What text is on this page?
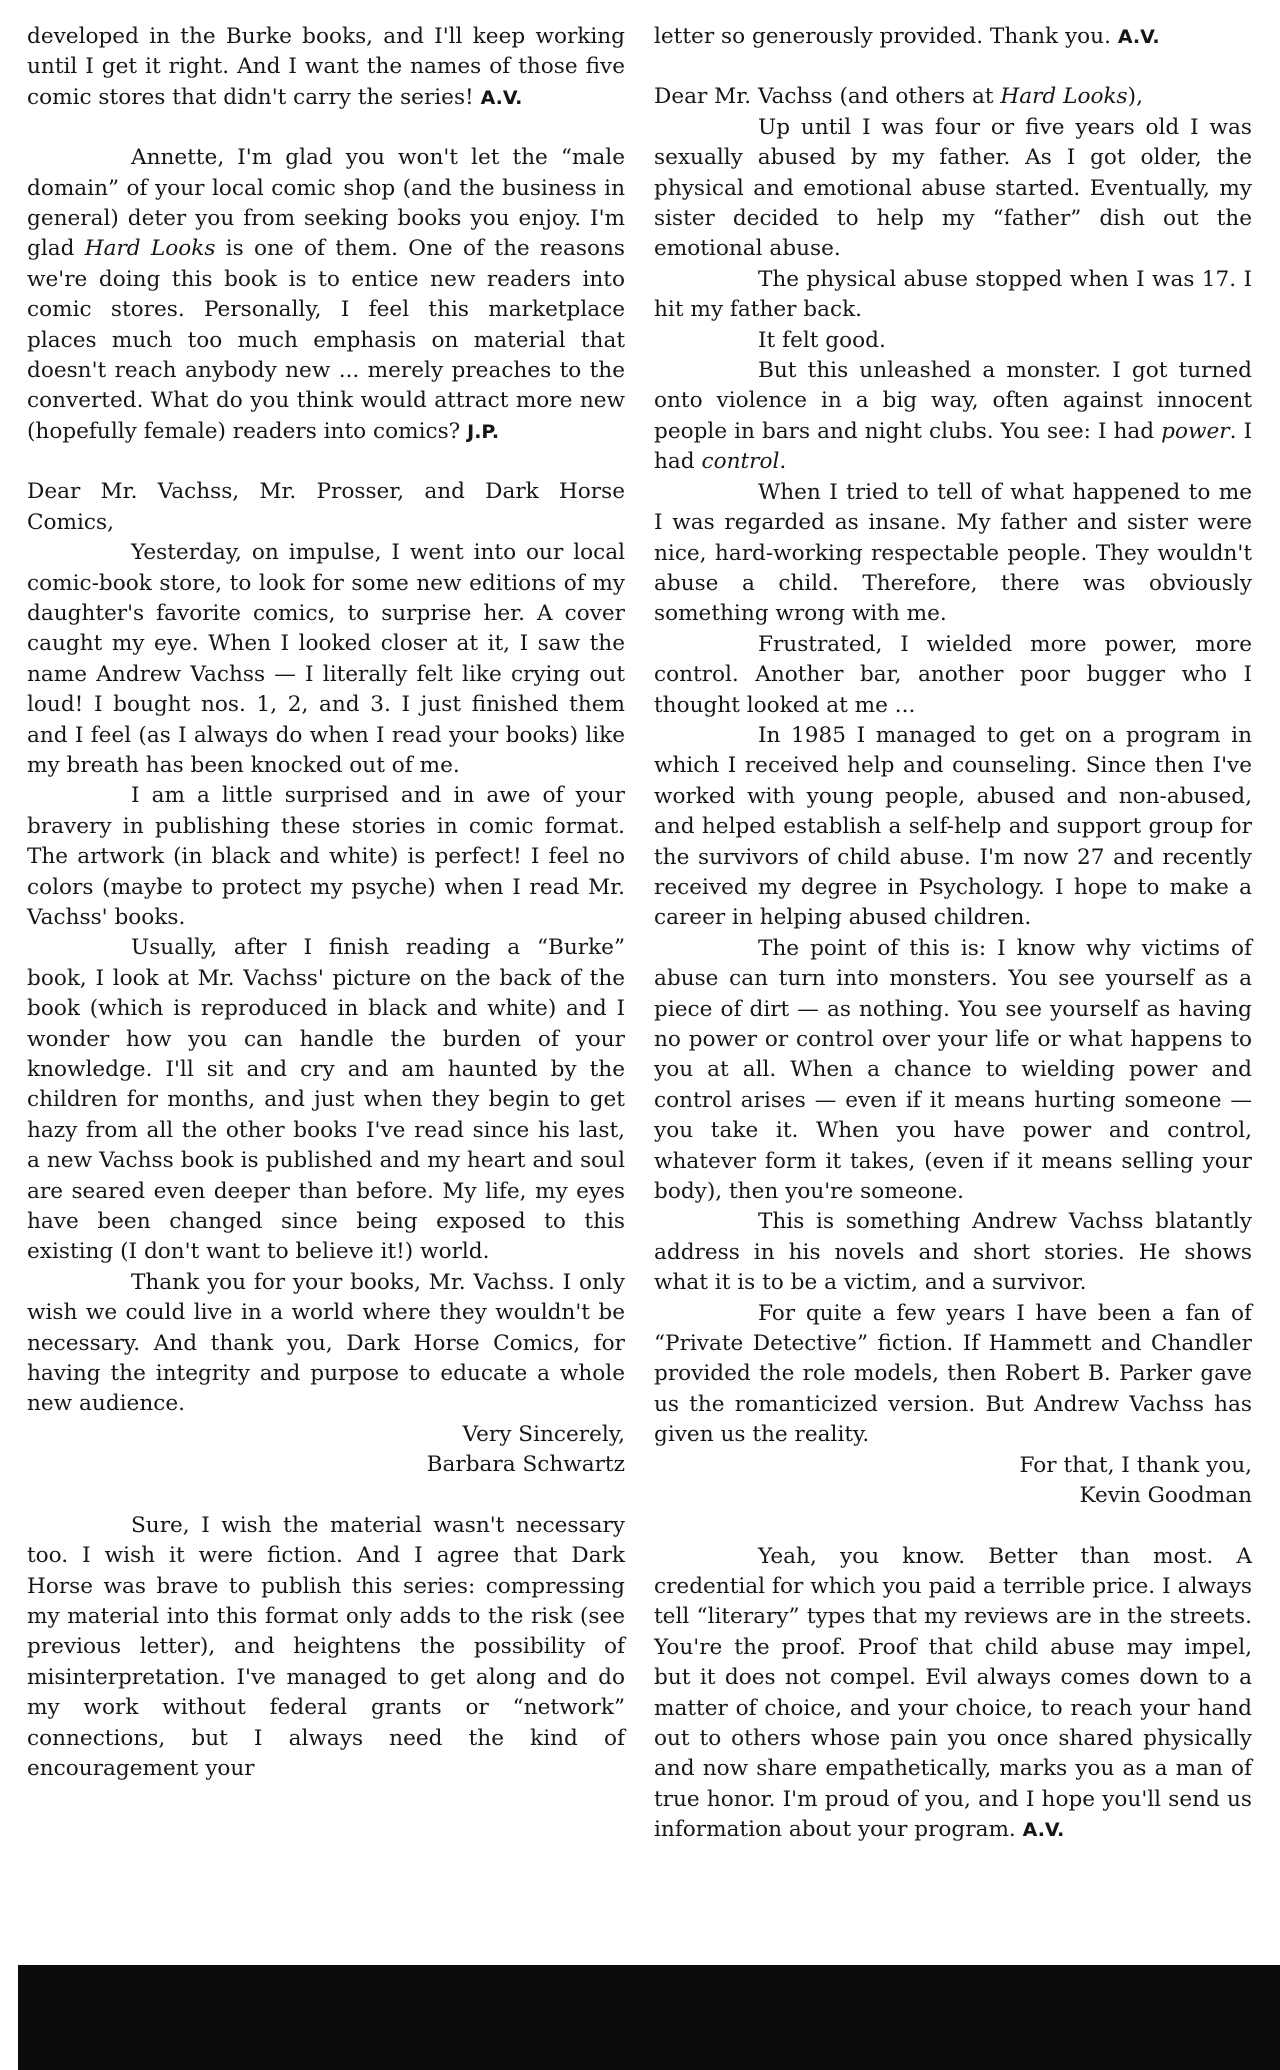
developed in the Burke books, and I'll keep working until I get it right. And I want the names of those five comic stores that didn't carry the series! A.V.

Annette, I'm glad you won't let the “male domain” of your local comic shop (and the business in general) deter you from seeking books you enjoy. I'm glad Hard Looks is one of them. One of the reasons we're doing this book is to entice new readers into comic stores. Personally, I feel this marketplace places much too much emphasis on material that doesn't reach anybody new ... merely preaches to the converted. What do you think would attract more new (hopefully female) readers into comics? J.P.

Dear Mr. Vachss, Mr. Prosser, and Dark Horse Comics,

Yesterday, on impulse, I went into our local comic-book store, to look for some new editions of my daughter's favorite comics, to surprise her. A cover caught my eye. When I looked closer at it, I saw the name Andrew Vachss — I literally felt like crying out loud! I bought nos. 1, 2, and 3. I just finished them and I feel (as I always do when I read your books) like my breath has been knocked out of me.

I am a little surprised and in awe of your bravery in publishing these stories in comic format. The artwork (in black and white) is perfect! I feel no colors (maybe to protect my psyche) when I read Mr. Vachss' books.

Usually, after I finish reading a “Burke” book, I look at Mr. Vachss' picture on the back of the book (which is reproduced in black and white) and I wonder how you can handle the burden of your knowledge. I'll sit and cry and am haunted by the children for months, and just when they begin to get hazy from all the other books I've read since his last, a new Vachss book is published and my heart and soul are seared even deeper than before. My life, my eyes have been changed since being exposed to this existing (I don't want to believe it!) world.

Thank you for your books, Mr. Vachss. I only wish we could live in a world where they wouldn't be necessary. And thank you, Dark Horse Comics, for having the integrity and purpose to educate a whole new audience.

Very Sincerely,

Barbara Schwartz

Sure, I wish the material wasn't necessary too. I wish it were fiction. And I agree that Dark Horse was brave to publish this series: compressing my material into this format only adds to the risk (see previous letter), and heightens the possibility of misinterpretation. I've managed to get along and do my work without federal grants or “network” connections, but I always need the kind of encouragement your

letter so generously provided. Thank you. A.V.

Dear Mr. Vachss (and others at Hard Looks),

Up until I was four or five years old I was sexually abused by my father. As I got older, the physical and emotional abuse started. Eventually, my sister decided to help my “father” dish out the emotional abuse.

The physical abuse stopped when I was 17. I hit my father back.

It felt good.

But this unleashed a monster. I got turned onto violence in a big way, often against innocent people in bars and night clubs. You see: I had power. I had control.

When I tried to tell of what happened to me I was regarded as insane. My father and sister were nice, hard-working respectable people. They wouldn't abuse a child. Therefore, there was obviously something wrong with me.

Frustrated, I wielded more power, more control. Another bar, another poor bugger who I thought looked at me ...

In 1985 I managed to get on a program in which I received help and counseling. Since then I've worked with young people, abused and non-abused, and helped establish a self-help and support group for the survivors of child abuse. I'm now 27 and recently received my degree in Psychology. I hope to make a career in helping abused children.

The point of this is: I know why victims of abuse can turn into monsters. You see yourself as a piece of dirt — as nothing. You see yourself as having no power or control over your life or what happens to you at all. When a chance to wielding power and control arises — even if it means hurting someone — you take it. When you have power and control, whatever form it takes, (even if it means selling your body), then you're someone.

This is something Andrew Vachss blatantly address in his novels and short stories. He shows what it is to be a victim, and a survivor.

For quite a few years I have been a fan of “Private Detective” fiction. If Hammett and Chandler provided the role models, then Robert B. Parker gave us the romanticized version. But Andrew Vachss has given us the reality.

For that, I thank you,

Kevin Goodman

Yeah, you know. Better than most. A credential for which you paid a terrible price. I always tell “literary” types that my reviews are in the streets. You're the proof. Proof that child abuse may impel, but it does not compel. Evil always comes down to a matter of choice, and your choice, to reach your hand out to others whose pain you once shared physically and now share empathetically, marks you as a man of true honor. I'm proud of you, and I hope you'll send us information about your program. A.V.
